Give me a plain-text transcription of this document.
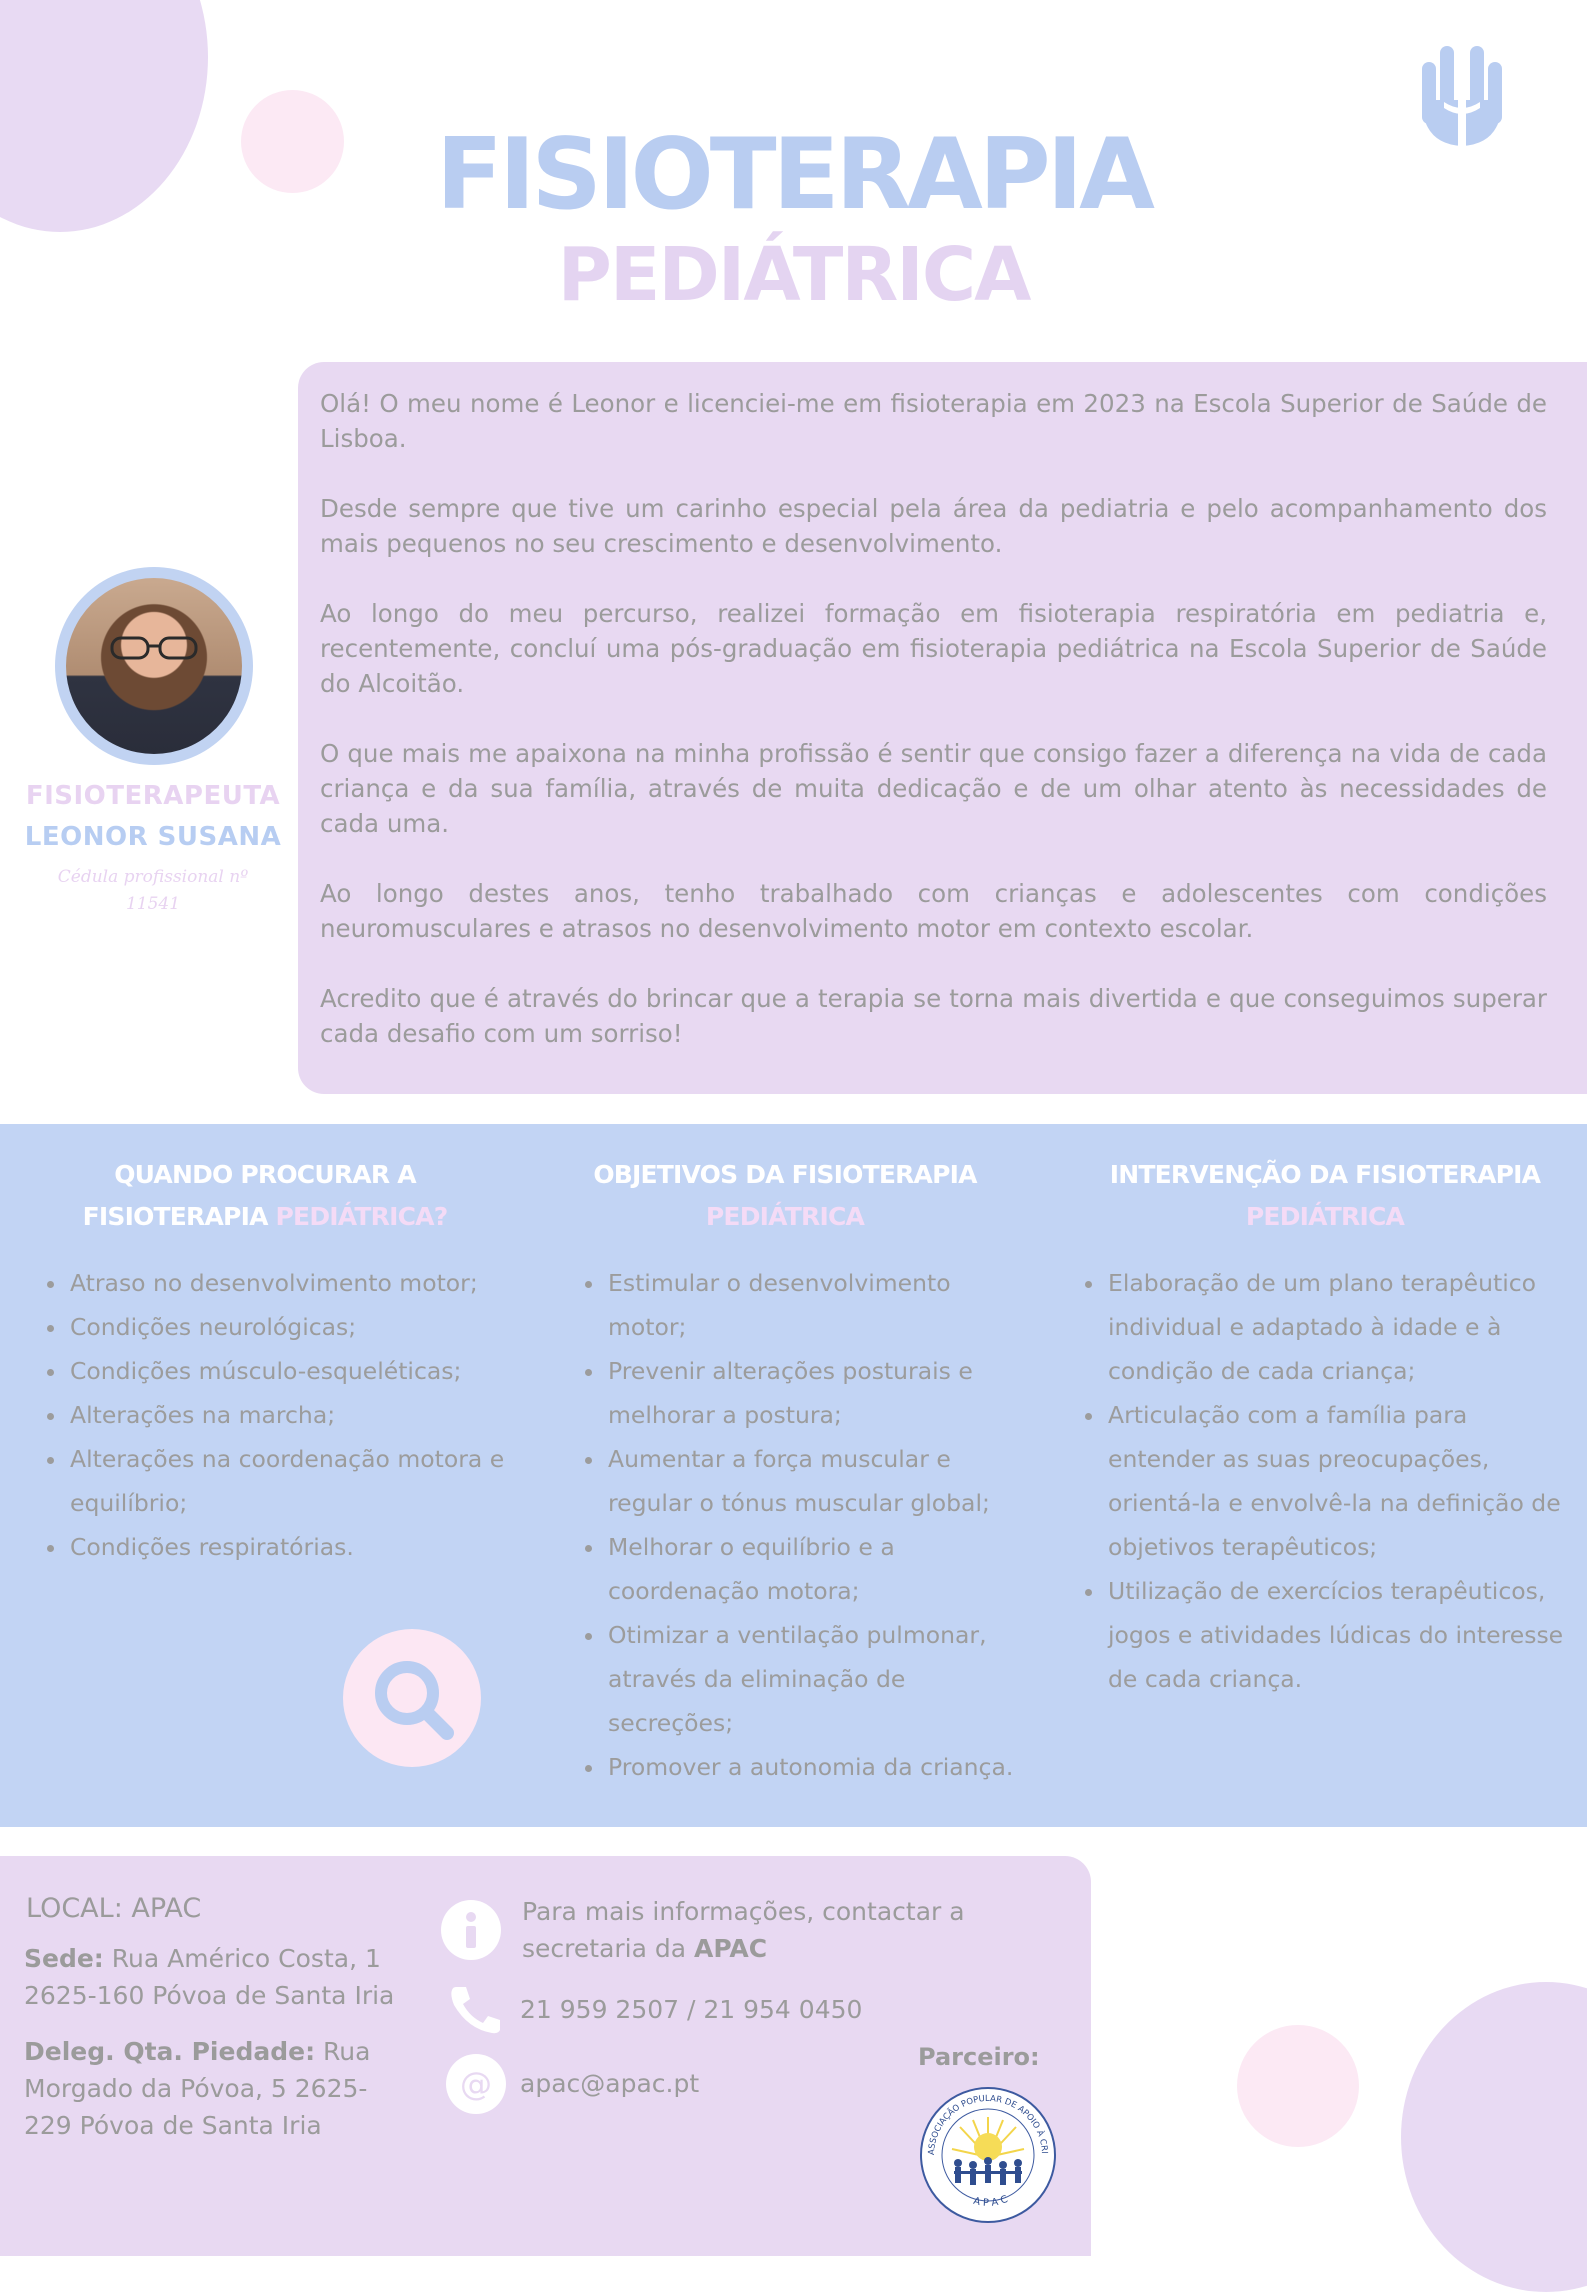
FISIOTERAPIA
PEDIÁTRICA
FISIOTERAPEUTA
LEONOR SUSANA
Cédula profissional nº
11541

Olá! O meu nome é Leonor e licenciei-me em fisioterapia em 2023 na Escola Superior de Saúde de Lisboa.

Desde sempre que tive um carinho especial pela área da pediatria e pelo acompanhamento dos mais pequenos no seu crescimento e desenvolvimento.

Ao longo do meu percurso, realizei formação em fisioterapia respiratória em pediatria e, recentemente, concluí uma pós-graduação em fisioterapia pediátrica na Escola Superior de Saúde do Alcoitão.

O que mais me apaixona na minha profissão é sentir que consigo fazer a diferença na vida de cada criança e da sua família, através de muita dedicação e de um olhar atento às necessidades de cada uma.

Ao longo destes anos, tenho trabalhado com crianças e adolescentes com condições neuromusculares e atrasos no desenvolvimento motor em contexto escolar.

Acredito que é através do brincar que a terapia se torna mais divertida e que conseguimos superar cada desafio com um sorriso!

QUANDO PROCURAR A
FISIOTERAPIA PEDIÁTRICA?
• Atraso no desenvolvimento motor;
• Condições neurológicas;
• Condições músculo-esqueléticas;
• Alterações na marcha;
• Alterações na coordenação motora e equilíbrio;
• Condições respiratórias.
OBJETIVOS DA FISIOTERAPIA
PEDIÁTRICA
• Estimular o desenvolvimento motor;
• Prevenir alterações posturais e melhorar a postura;
• Aumentar a força muscular e regular o tónus muscular global;
• Melhorar o equilíbrio e a coordenação motora;
• Otimizar a ventilação pulmonar, através da eliminação de secreções;
• Promover a autonomia da criança.
INTERVENÇÃO DA FISIOTERAPIA
PEDIÁTRICA
• Elaboração de um plano terapêutico individual e adaptado à idade e à condição de cada criança;
• Articulação com a família para entender as suas preocupações, orientá-la e envolvê-la na definição de objetivos terapêuticos;
• Utilização de exercícios terapêuticos, jogos e atividades lúdicas do interesse de cada criança.
LOCAL: APAC
Sede: Rua Américo Costa, 1
2625-160 Póvoa de Santa Iria
Deleg. Qta. Piedade: Rua
Morgado da Póvoa, 5 2625-
229 Póvoa de Santa Iria
Para mais informações, contactar a
secretaria da APAC
21 959 2507 / 21 954 0450
@ apac@apac.pt
Parceiro:
ASSOCIAÇÃO POPULAR DE APOIO À CRI
A P A C
